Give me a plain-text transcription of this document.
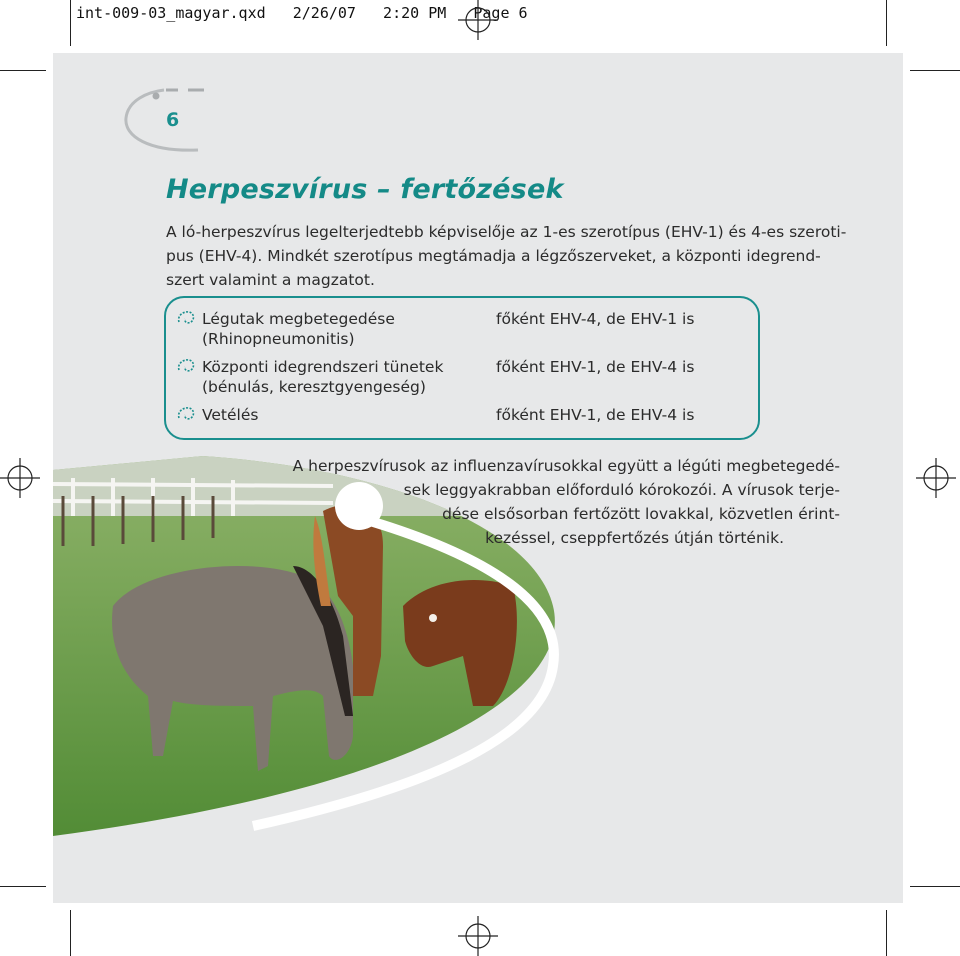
int-009-03_magyar.qxd   2/26/07   2:20 PM   Page 6
6
Herpeszvírus – fertőzések
A ló-herpeszvírus legelterjedtebb képviselője az 1-es szerotípus (EHV-1) és 4-es szeroti-
pus (EHV-4). Mindkét szerotípus megtámadja a légzőszerveket, a központi idegrend-
szert valamint a magzatot.
Légutak megbetegedése
(Rhinopneumonitis)
főként EHV-4, de EHV-1 is
Központi idegrendszeri tünetek
(bénulás, keresztgyengeség)
főként EHV-1, de EHV-4 is
Vetélés	főként EHV-1, de EHV-4 is
A herpeszvírusok az influenzavírusokkal együtt a légúti megbetegedé-
sek leggyakrabban előforduló kórokozói. A vírusok terje-
dése elsősorban fertőzött lovakkal, közvetlen érint-
kezéssel, cseppfertőzés útján történik.
